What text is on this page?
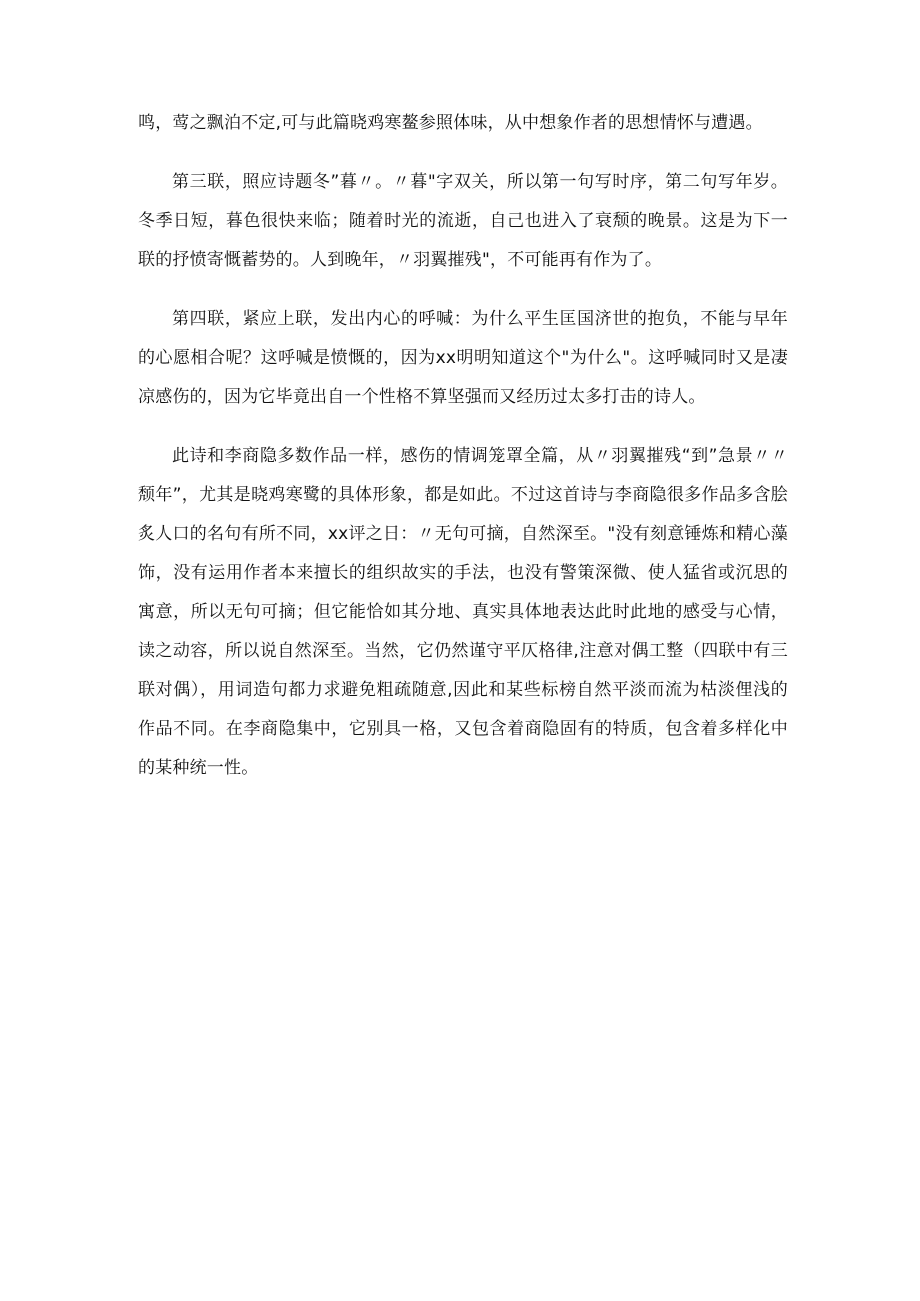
鸣，莺之飘泊不定,可与此篇晓鸡寒鳌参照体味，从中想象作者的思想情怀与遭遇。

第三联，照应诗题冬”暮〃。〃暮"字双关，所以第一句写时序，第二句写年岁。冬季日短，暮色很快来临；随着时光的流逝，自己也进入了衰颓的晚景。这是为下一联的抒愤寄慨蓄势的。人到晚年，〃羽翼摧残"，不可能再有作为了。

第四联，紧应上联，发出内心的呼喊：为什么平生匡国济世的抱负，不能与早年的心愿相合呢？这呼喊是愤慨的，因为xx明明知道这个"为什么"。这呼喊同时又是凄凉感伤的，因为它毕竟出自一个性格不算坚强而又经历过太多打击的诗人。

此诗和李商隐多数作品一样，感伤的情调笼罩全篇，从〃羽翼摧残“到”急景〃〃颓年”，尤其是晓鸡寒鹭的具体形象，都是如此。不过这首诗与李商隐很多作品多含脍炙人口的名句有所不同，xx评之日：〃无句可摘，自然深至。"没有刻意锤炼和精心藻饰，没有运用作者本来擅长的组织故实的手法，也没有警策深微、使人猛省或沉思的寓意，所以无句可摘；但它能恰如其分地、真实具体地表达此时此地的感受与心情，读之动容，所以说自然深至。当然，它仍然谨守平仄格律,注意对偶工整（四联中有三联对偶），用词造句都力求避免粗疏随意,因此和某些标榜自然平淡而流为枯淡俚浅的作品不同。在李商隐集中，它别具一格，又包含着商隐固有的特质，包含着多样化中的某种统一性。
